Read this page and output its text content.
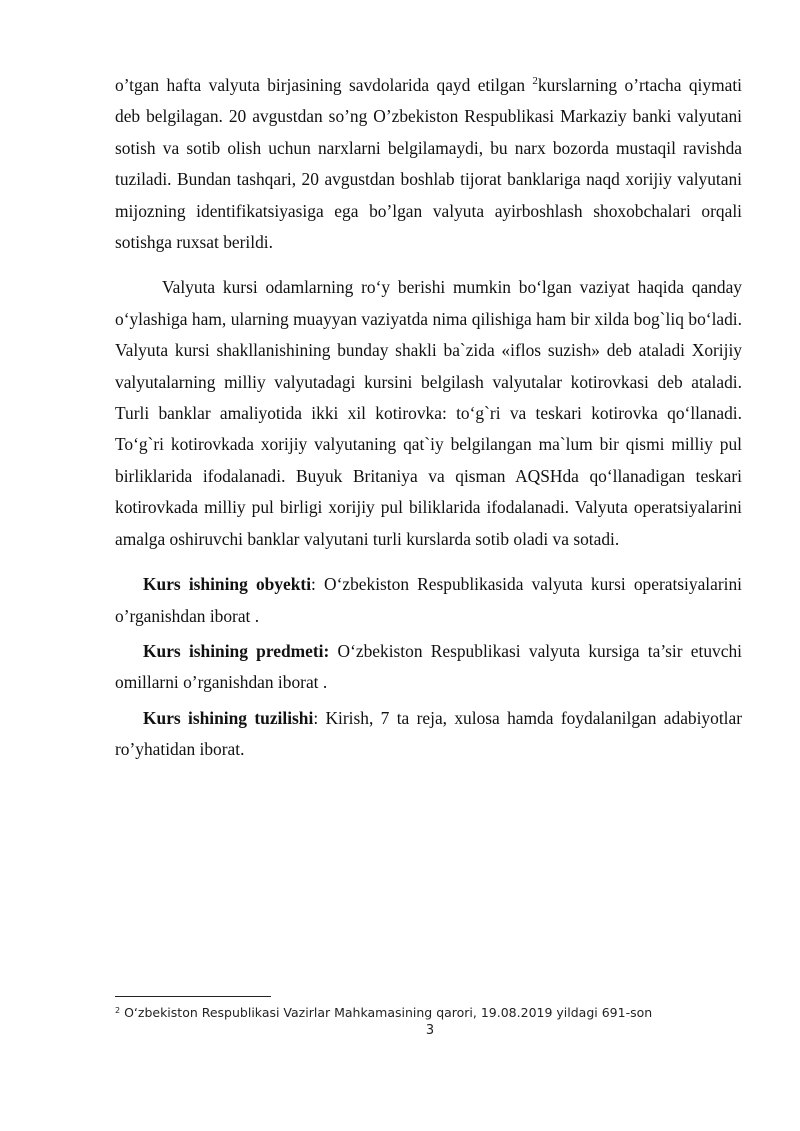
o’tgan hafta valyuta birjasining savdolarida qayd etilgan $^2$kurslarning o’rtacha qiymati deb belgilagan. 20 avgustdan so’ng O’zbekiston Respublikasi Markaziy banki valyutani sotish va sotib olish uchun narxlarni belgilamaydi, bu narx bozorda mustaqil ravishda tuziladi. Bundan tashqari, 20 avgustdan boshlab tijorat banklariga naqd xorijiy valyutani mijozning identifikatsiyasiga ega bo’lgan valyuta ayirboshlash shoxobchalari orqali sotishga ruxsat berildi.

Valyuta kursi odamlarning ro‘y berishi mumkin bo‘lgan vaziyat haqida qanday o‘ylashiga ham, ularning muayyan vaziyatda nima qilishiga ham bir xilda bog`liq bo‘ladi. Valyuta kursi shakllanishining bunday shakli ba`zida «iflos suzish» deb ataladi Xorijiy valyutalarning milliy valyutadagi kursini belgilash valyutalar kotirovkasi deb ataladi. Turli banklar amaliyotida ikki xil kotirovka: to‘g`ri va teskari kotirovka qo‘llanadi. To‘g`ri kotirovkada xorijiy valyutaning qat`iy belgilangan ma`lum bir qismi milliy pul birliklarida ifodalanadi. Buyuk Britaniya va qisman AQSHda qo‘llanadigan teskari kotirovkada milliy pul birligi xorijiy pul biliklarida ifodalanadi. Valyuta operatsiyalarini amalga oshiruvchi banklar valyutani turli kurslarda sotib oladi va sotadi.

Kurs ishining obyekti: O‘zbekiston Respublikasida valyuta kursi operatsiyalarini o’rganishdan iborat .

Kurs ishining predmeti: O‘zbekiston Respublikasi valyuta kursiga ta’sir etuvchi omillarni o’rganishdan iborat .

Kurs ishining tuzilishi: Kirish, 7 ta reja, xulosa hamda foydalanilgan adabiyotlar ro’yhatidan iborat.

$^2$ O‘zbekiston Respublikasi Vazirlar Mahkamasining qarori, 19.08.2019 yildagi 691-son
3
